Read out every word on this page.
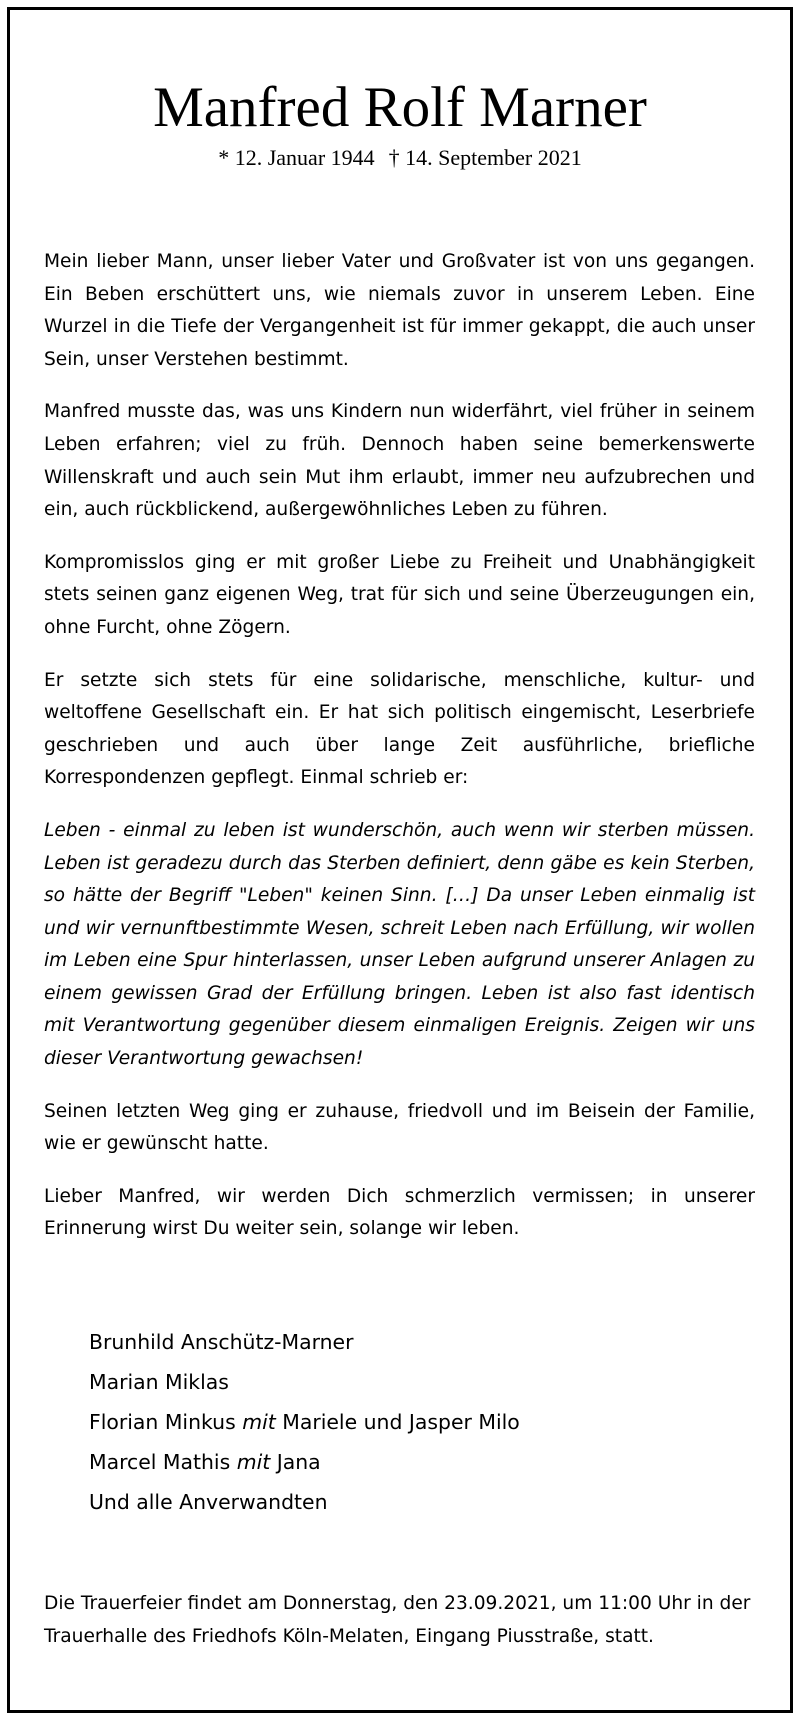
Manfred Rolf Marner
* 12. Januar 1944 † 14. September 2021

Mein lieber Mann, unser lieber Vater und Großvater ist von uns gegangen. Ein Beben erschüttert uns, wie niemals zuvor in unserem Leben. Eine Wurzel in die Tiefe der Vergangenheit ist für immer gekappt, die auch unser Sein, unser Verstehen bestimmt.

Manfred musste das, was uns Kindern nun widerfährt, viel früher in seinem Leben erfahren; viel zu früh. Dennoch haben seine bemerkenswerte Willenskraft und auch sein Mut ihm erlaubt, immer neu aufzubrechen und ein, auch rückblickend, außergewöhnliches Leben zu führen.

Kompromisslos ging er mit großer Liebe zu Freiheit und Unabhängigkeit stets seinen ganz eigenen Weg, trat für sich und seine Überzeugungen ein, ohne Furcht, ohne Zögern.

Er setzte sich stets für eine solidarische, menschliche, kultur- und weltoffene Gesellschaft ein. Er hat sich politisch eingemischt, Leserbriefe geschrieben und auch über lange Zeit ausführliche, briefliche Korrespondenzen gepflegt. Einmal schrieb er:

Leben - einmal zu leben ist wunderschön, auch wenn wir sterben müssen. Leben ist geradezu durch das Sterben definiert, denn gäbe es kein Sterben, so hätte der Begriff "Leben" keinen Sinn. […] Da unser Leben einmalig ist und wir vernunftbestimmte Wesen, schreit Leben nach Erfüllung, wir wollen im Leben eine Spur hinterlassen, unser Leben aufgrund unserer Anlagen zu einem gewissen Grad der Erfüllung bringen. Leben ist also fast identisch mit Verantwortung gegenüber diesem einmaligen Ereignis. Zeigen wir uns dieser Verantwortung gewachsen!

Seinen letzten Weg ging er zuhause, friedvoll und im Beisein der Familie, wie er gewünscht hatte.

Lieber Manfred, wir werden Dich schmerzlich vermissen; in unserer Erinnerung wirst Du weiter sein, solange wir leben.

Brunhild Anschütz-Marner
Marian Miklas
Florian Minkus mit Mariele und Jasper Milo
Marcel Mathis mit Jana
Und alle Anverwandten

Die Trauerfeier findet am Donnerstag, den 23.09.2021, um 11:00 Uhr in der Trauerhalle des Friedhofs Köln-Melaten, Eingang Piusstraße, statt.
